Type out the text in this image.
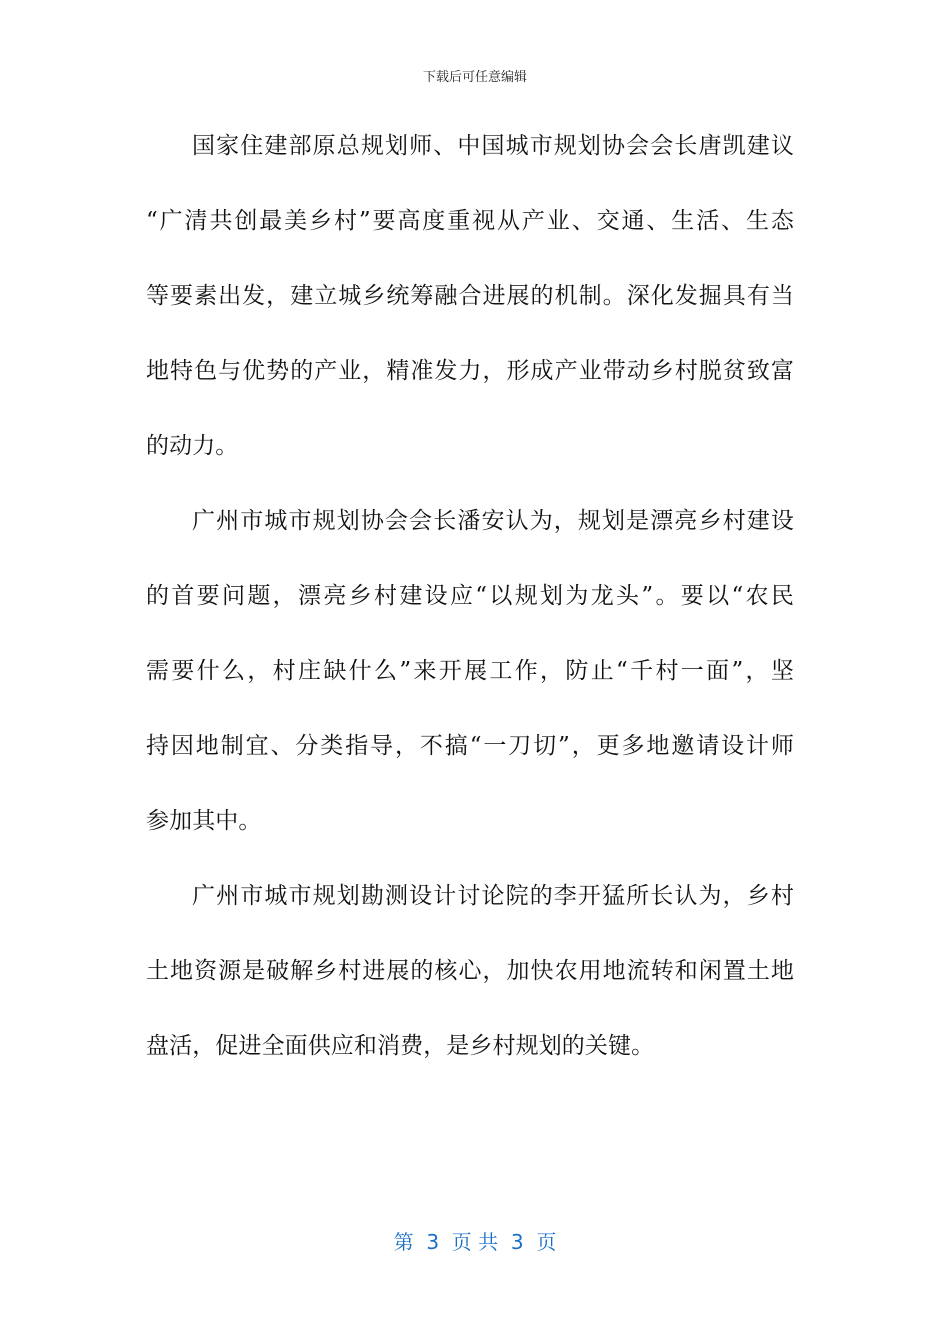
下载后可任意编辑
国家住建部原总规划师、中国城市规划协会会长唐凯建议
“广清共创最美乡村”要高度重视从产业、交通、生活、生态
等要素出发，建立城乡统筹融合进展的机制。深化发掘具有当
地特色与优势的产业，精准发力，形成产业带动乡村脱贫致富
的动力。
广州市城市规划协会会长潘安认为，规划是漂亮乡村建设
的首要问题，漂亮乡村建设应“以规划为龙头”。要以“农民
需要什么，村庄缺什么”来开展工作，防止“千村一面”，坚
持因地制宜、分类指导，不搞“一刀切”，更多地邀请设计师
参加其中。
广州市城市规划勘测设计讨论院的李开猛所长认为，乡村
土地资源是破解乡村进展的核心，加快农用地流转和闲置土地
盘活，促进全面供应和消费，是乡村规划的关键。
第  3  页 共  3  页
